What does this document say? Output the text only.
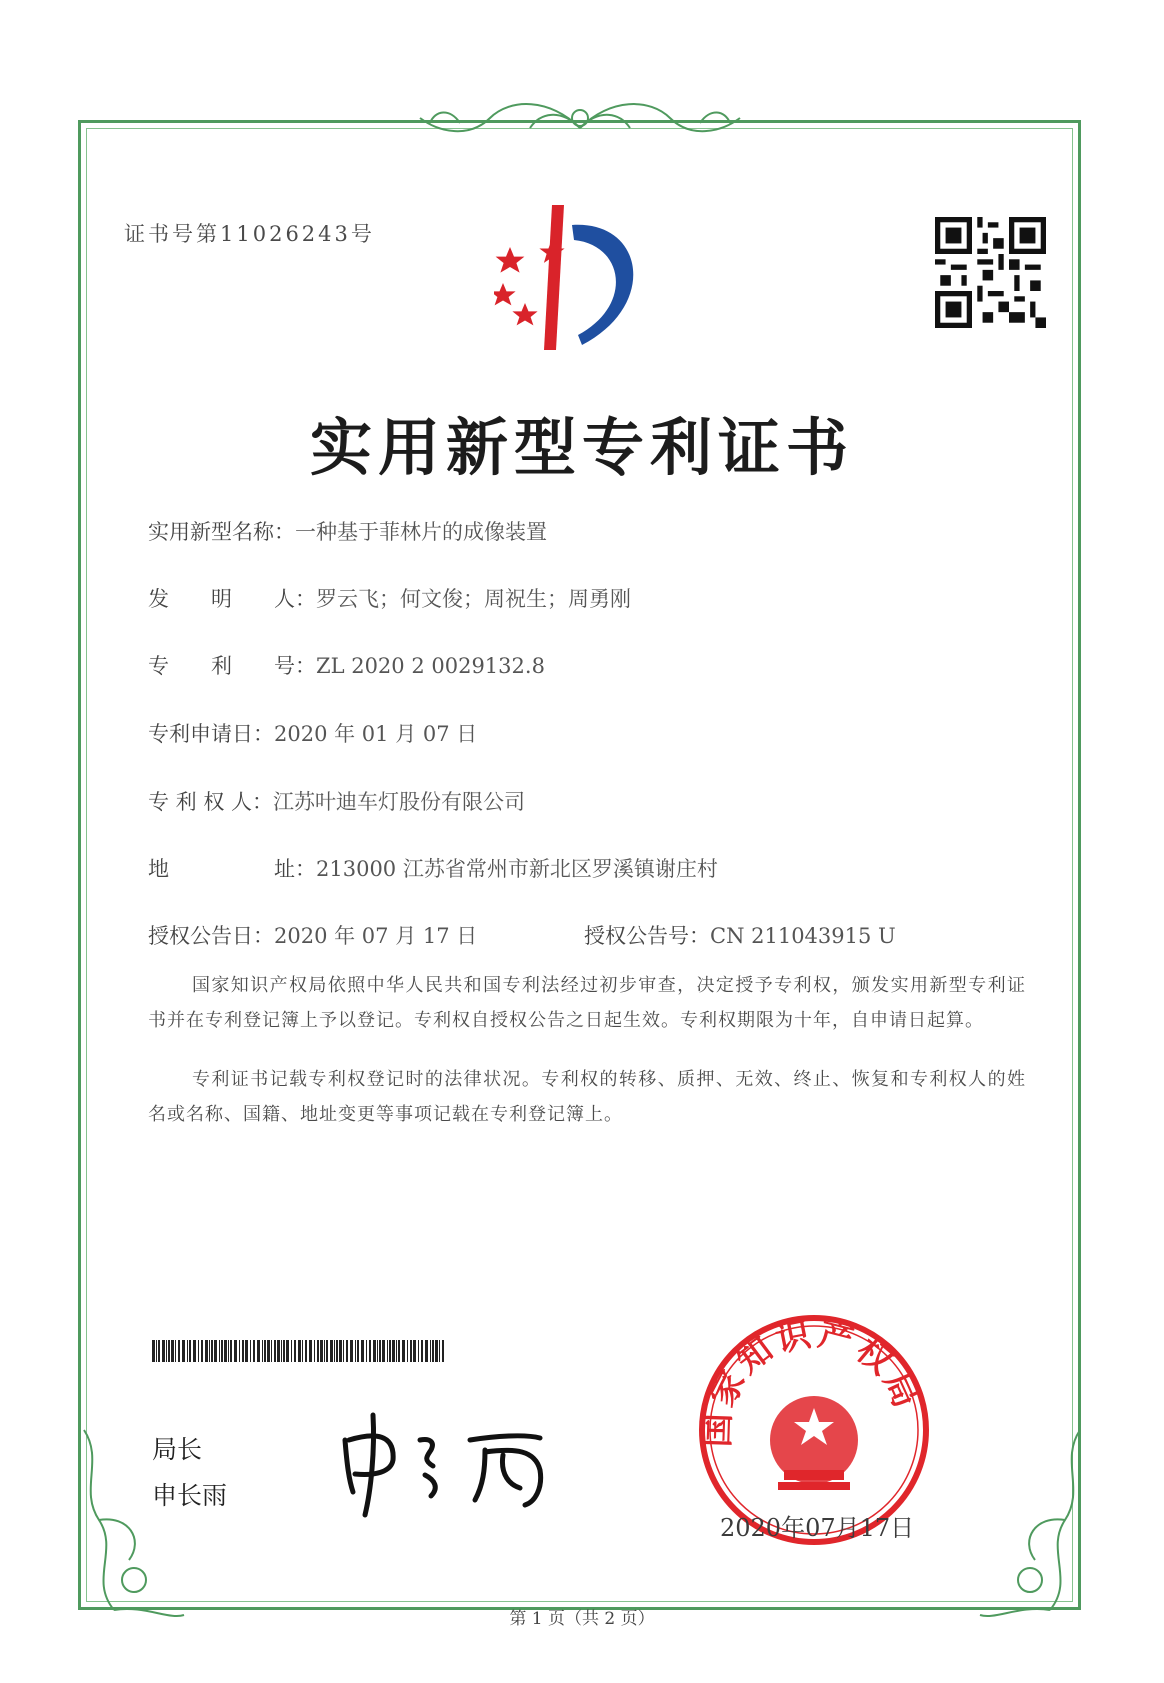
证书号第11026243号
实用新型专利证书
实用新型名称：一种基于菲林片的成像装置
发　　明　　人：罗云飞；何文俊；周祝生；周勇刚
专　　利　　号：ZL 2020 2 0029132.8
专利申请日：2020 年 01 月 07 日
专 利 权 人：江苏叶迪车灯股份有限公司
地　　　　　址：213000 江苏省常州市新北区罗溪镇谢庄村
授权公告日：2020 年 07 月 17 日	授权公告号：CN 211043915 U
国家知识产权局依照中华人民共和国专利法经过初步审查，决定授予专利权，颁发实用新型专利证书并在专利登记簿上予以登记。专利权自授权公告之日起生效。专利权期限为十年，自申请日起算。
专利证书记载专利权登记时的法律状况。专利权的转移、质押、无效、终止、恢复和专利权人的姓名或名称、国籍、地址变更等事项记载在专利登记簿上。
局长
申长雨
国家知识产权局
2020年07月17日
第 1 页（共 2 页）
